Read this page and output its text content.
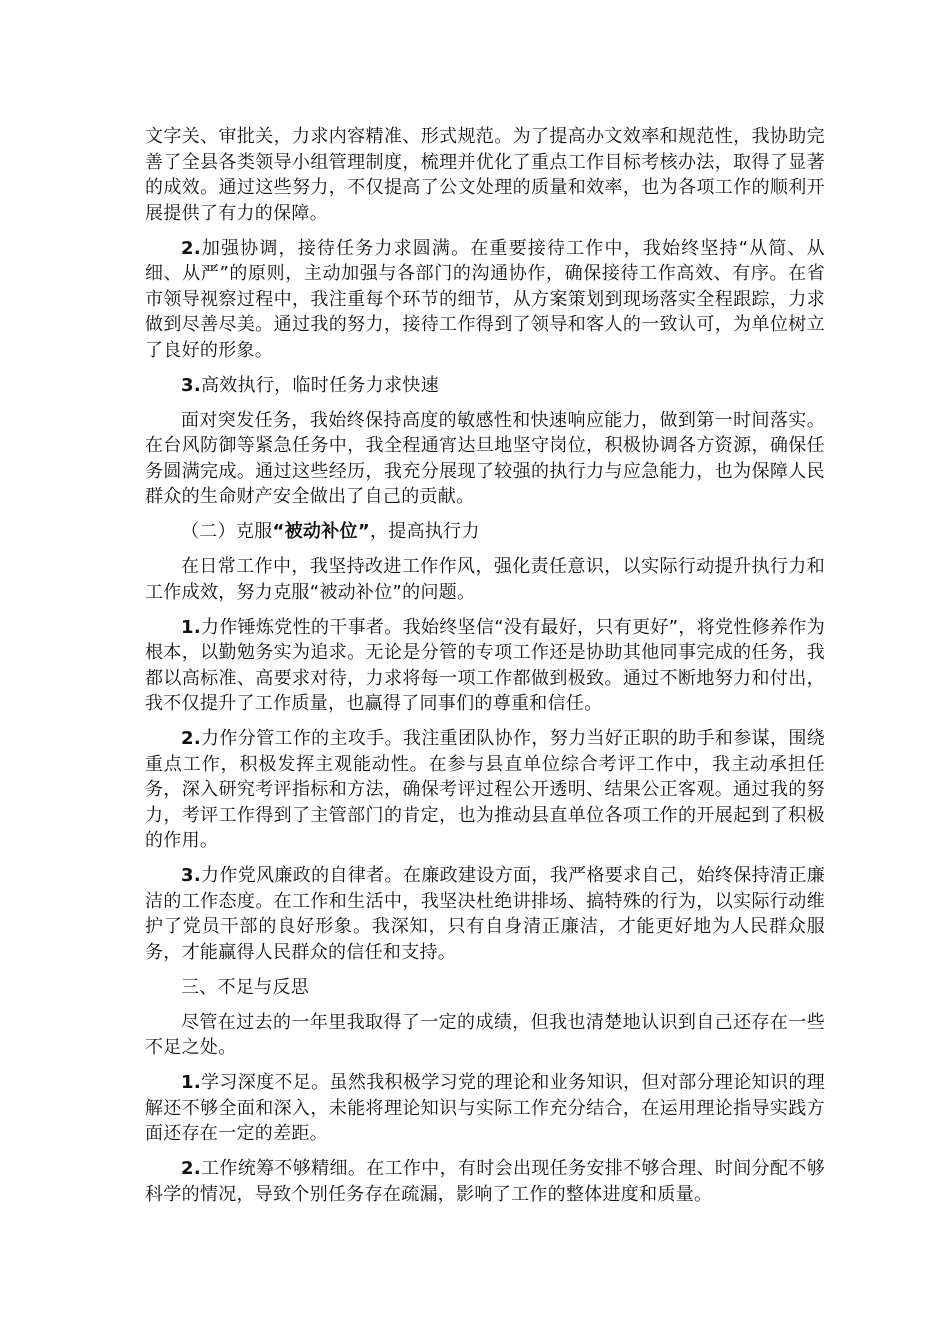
文字关、审批关，力求内容精准、形式规范。为了提高办文效率和规范性，我协助完善了全县各类领导小组管理制度，梳理并优化了重点工作目标考核办法，取得了显著的成效。通过这些努力，不仅提高了公文处理的质量和效率，也为各项工作的顺利开展提供了有力的保障。

2.加强协调，接待任务力求圆满。在重要接待工作中，我始终坚持“从简、从细、从严”的原则，主动加强与各部门的沟通协作，确保接待工作高效、有序。在省市领导视察过程中，我注重每个环节的细节，从方案策划到现场落实全程跟踪，力求做到尽善尽美。通过我的努力，接待工作得到了领导和客人的一致认可，为单位树立了良好的形象。

3.高效执行，临时任务力求快速

面对突发任务，我始终保持高度的敏感性和快速响应能力，做到第一时间落实。在台风防御等紧急任务中，我全程通宵达旦地坚守岗位，积极协调各方资源，确保任务圆满完成。通过这些经历，我充分展现了较强的执行力与应急能力，也为保障人民群众的生命财产安全做出了自己的贡献。

（二）克服“被动补位”，提高执行力

在日常工作中，我坚持改进工作作风，强化责任意识，以实际行动提升执行力和工作成效，努力克服“被动补位”的问题。

1.力作锤炼党性的干事者。我始终坚信“没有最好，只有更好”，将党性修养作为根本，以勤勉务实为追求。无论是分管的专项工作还是协助其他同事完成的任务，我都以高标准、高要求对待，力求将每一项工作都做到极致。通过不断地努力和付出，我不仅提升了工作质量，也赢得了同事们的尊重和信任。

2.力作分管工作的主攻手。我注重团队协作，努力当好正职的助手和参谋，围绕重点工作，积极发挥主观能动性。在参与县直单位综合考评工作中，我主动承担任务，深入研究考评指标和方法，确保考评过程公开透明、结果公正客观。通过我的努力，考评工作得到了主管部门的肯定，也为推动县直单位各项工作的开展起到了积极的作用。

3.力作党风廉政的自律者。在廉政建设方面，我严格要求自己，始终保持清正廉洁的工作态度。在工作和生活中，我坚决杜绝讲排场、搞特殊的行为，以实际行动维护了党员干部的良好形象。我深知，只有自身清正廉洁，才能更好地为人民群众服务，才能赢得人民群众的信任和支持。

三、不足与反思

尽管在过去的一年里我取得了一定的成绩，但我也清楚地认识到自己还存在一些不足之处。

1.学习深度不足。虽然我积极学习党的理论和业务知识，但对部分理论知识的理解还不够全面和深入，未能将理论知识与实际工作充分结合，在运用理论指导实践方面还存在一定的差距。

2.工作统筹不够精细。在工作中，有时会出现任务安排不够合理、时间分配不够科学的情况，导致个别任务存在疏漏，影响了工作的整体进度和质量。
